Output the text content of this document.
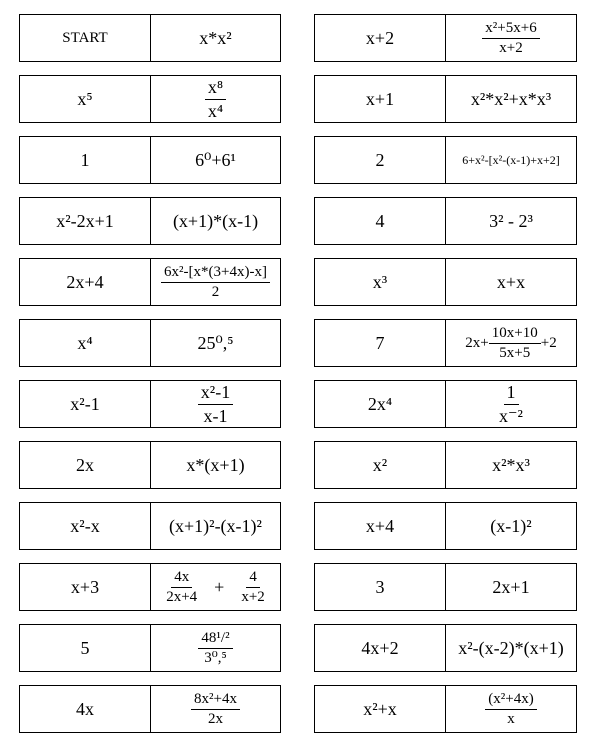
START	x*x²
x⁵	$\frac{\text{x⁸}}{\text{x⁴}}$
1	6⁰+6¹
x²-2x+1	(x+1)*(x-1)
2x+4	$\frac{\text{6x²-[x*(3+4x)-x]}}{2}$
x⁴	25⁰,⁵
x²-1	$\frac{\text{x²-1}}{x-1}$
2x	x*(x+1)
x²-x	(x+1)²-(x-1)²
x+3	$\frac{4x}{2x+4} + \frac{4}{x+2}$
5	$\frac{\text{48¹/²}}{\text{3⁰,⁵}}$
4x	$\frac{\text{8x²+4x}}{2x}$
x+2	$\frac{\text{x²+5x+6}}{x+2}$
x+1	x²*x²+x*x³
2	6+x²-[x²-(x-1)+x+2]
4	3² - 2³
x³	x+x
7	$2x+ \frac{10x+10}{5x+5} +2$
2x⁴	$\frac{1}{\text{x⁻²}}$
x²	x²*x³
x+4	(x-1)²
3	2x+1
4x+2	x²-(x-2)*(x+1)
x²+x	$\frac{\text{(x²+4x)}}{x}$
